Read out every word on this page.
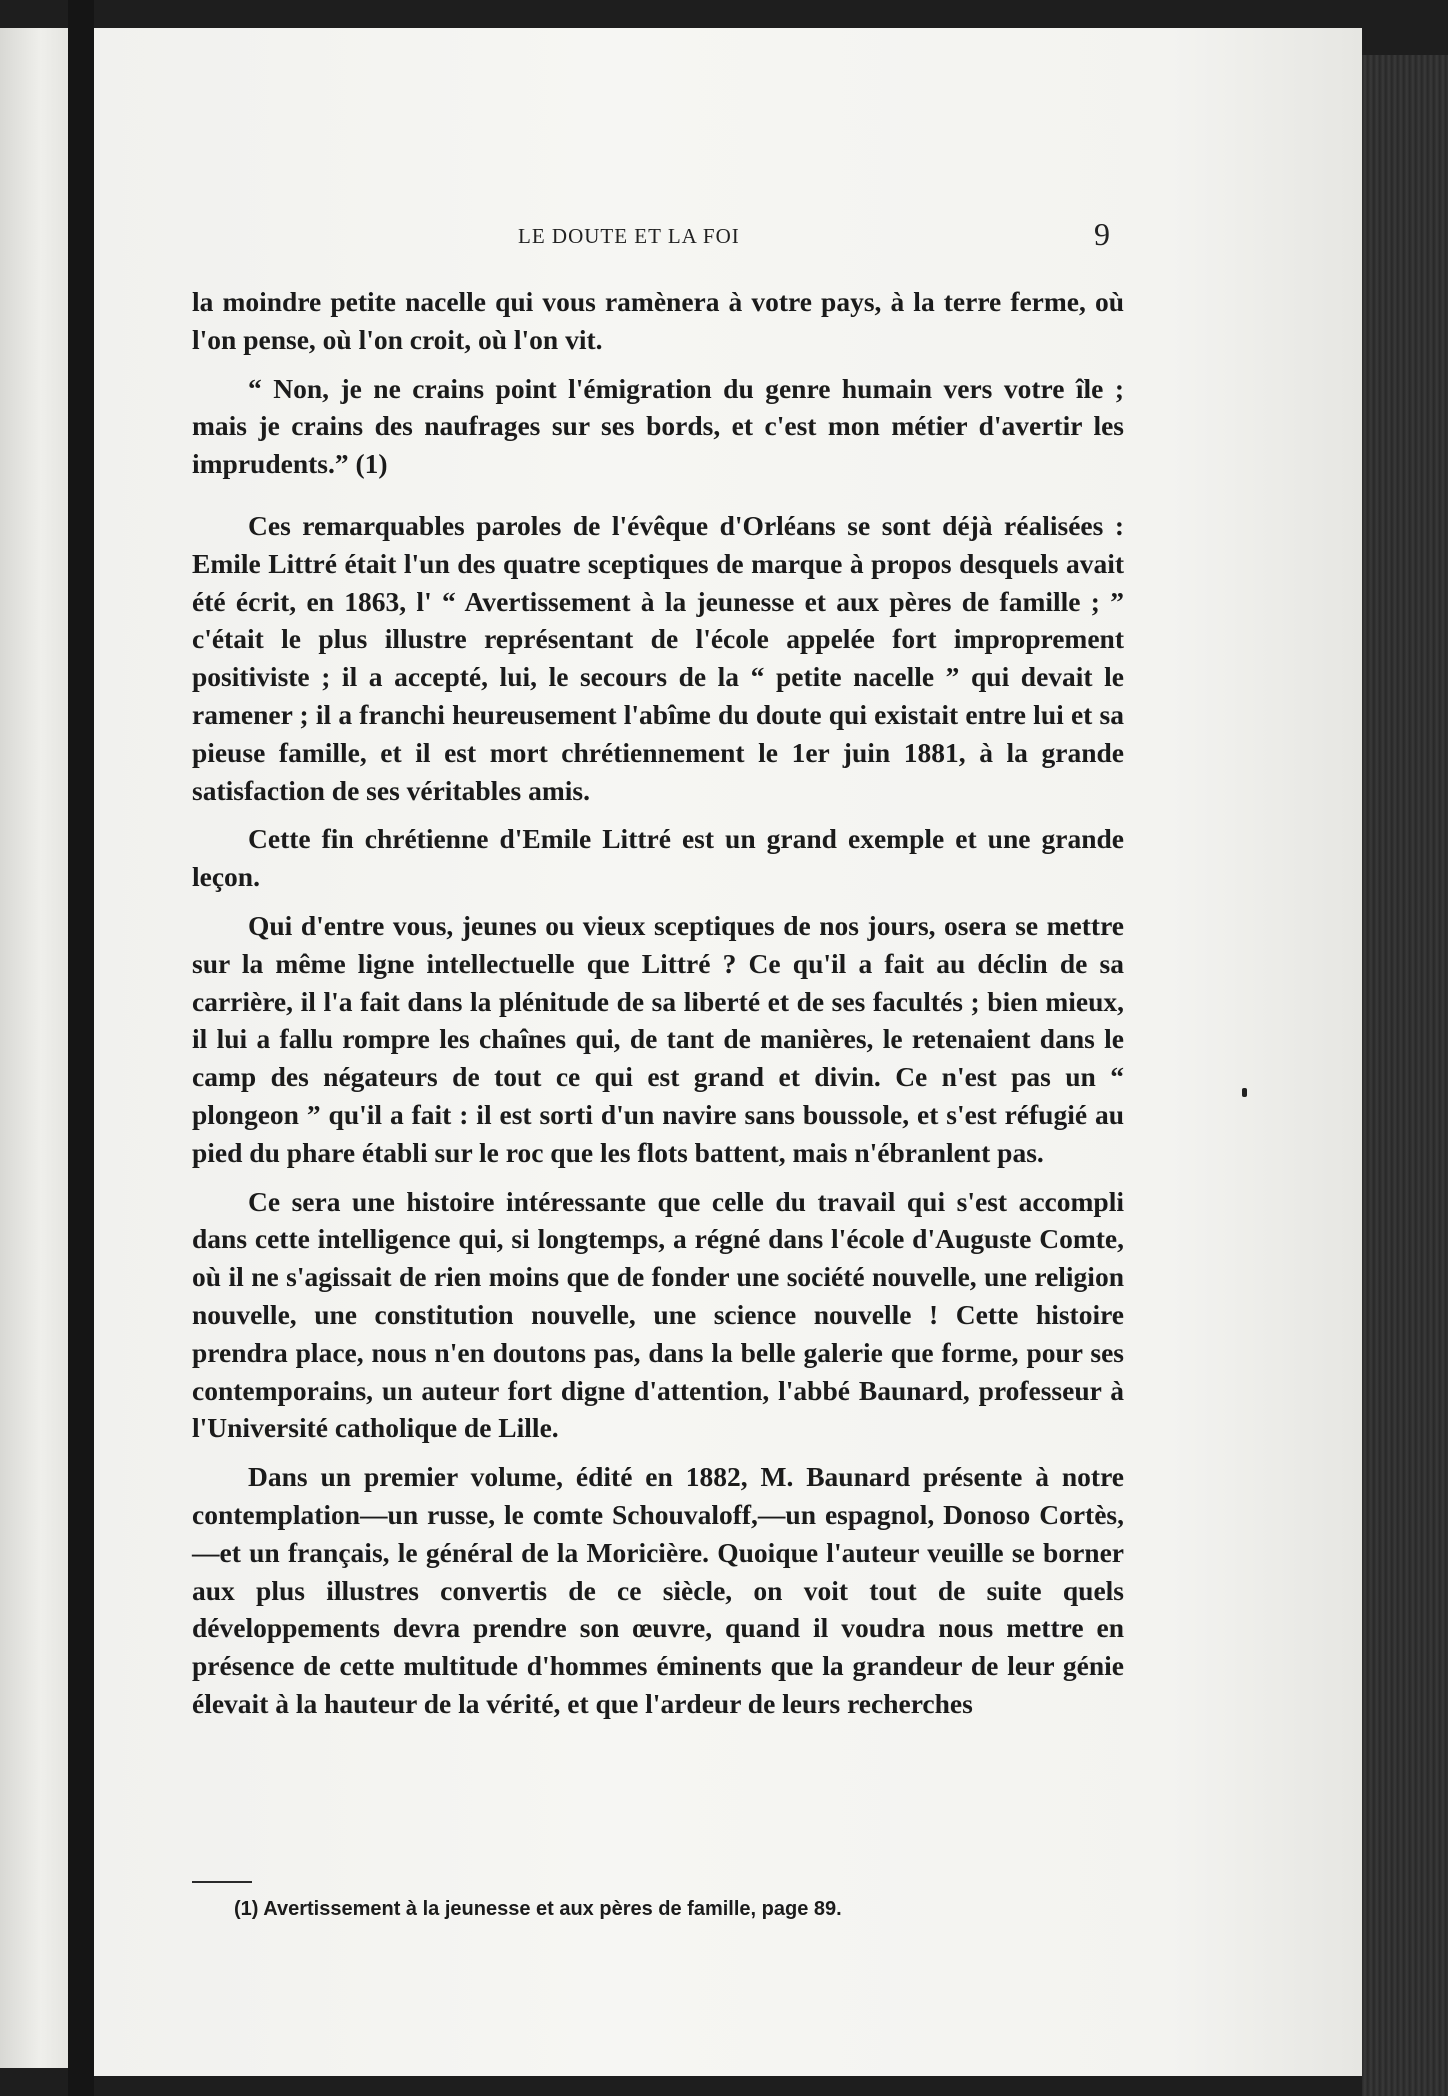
LE DOUTE ET LA FOI	9

la moindre petite nacelle qui vous ramènera à votre pays, à la terre ferme, où l'on pense, où l'on croit, où l'on vit.

“ Non, je ne crains point l'émigration du genre humain vers votre île ; mais je crains des naufrages sur ses bords, et c'est mon métier d'avertir les imprudents.” (1)

Ces remarquables paroles de l'évêque d'Orléans se sont déjà réalisées : Emile Littré était l'un des quatre sceptiques de marque à propos desquels avait été écrit, en 1863, l' “ Avertissement à la jeunesse et aux pères de famille ; ” c'était le plus illustre représentant de l'école appelée fort improprement positiviste ; il a accepté, lui, le secours de la “ petite nacelle ” qui devait le ramener ; il a franchi heureusement l'abîme du doute qui existait entre lui et sa pieuse famille, et il est mort chrétiennement le 1er juin 1881, à la grande satisfaction de ses véritables amis.

Cette fin chrétienne d'Emile Littré est un grand exemple et une grande leçon.

Qui d'entre vous, jeunes ou vieux sceptiques de nos jours, osera se mettre sur la même ligne intellectuelle que Littré ? Ce qu'il a fait au déclin de sa carrière, il l'a fait dans la plénitude de sa liberté et de ses facultés ; bien mieux, il lui a fallu rompre les chaînes qui, de tant de manières, le retenaient dans le camp des négateurs de tout ce qui est grand et divin. Ce n'est pas un “ plongeon ” qu'il a fait : il est sorti d'un navire sans boussole, et s'est réfugié au pied du phare établi sur le roc que les flots battent, mais n'ébranlent pas.

Ce sera une histoire intéressante que celle du travail qui s'est accompli dans cette intelligence qui, si longtemps, a régné dans l'école d'Auguste Comte, où il ne s'agissait de rien moins que de fonder une société nouvelle, une religion nouvelle, une constitution nouvelle, une science nouvelle ! Cette histoire prendra place, nous n'en doutons pas, dans la belle galerie que forme, pour ses contemporains, un auteur fort digne d'attention, l'abbé Baunard, professeur à l'Université catholique de Lille.

Dans un premier volume, édité en 1882, M. Baunard présente à notre contemplation—un russe, le comte Schouvaloff,—un espagnol, Donoso Cortès,—et un français, le général de la Moricière. Quoique l'auteur veuille se borner aux plus illustres convertis de ce siècle, on voit tout de suite quels développements devra prendre son œuvre, quand il voudra nous mettre en présence de cette multitude d'hommes éminents que la grandeur de leur génie élevait à la hauteur de la vérité, et que l'ardeur de leurs recherches

(1) Avertissement à la jeunesse et aux pères de famille, page 89.
